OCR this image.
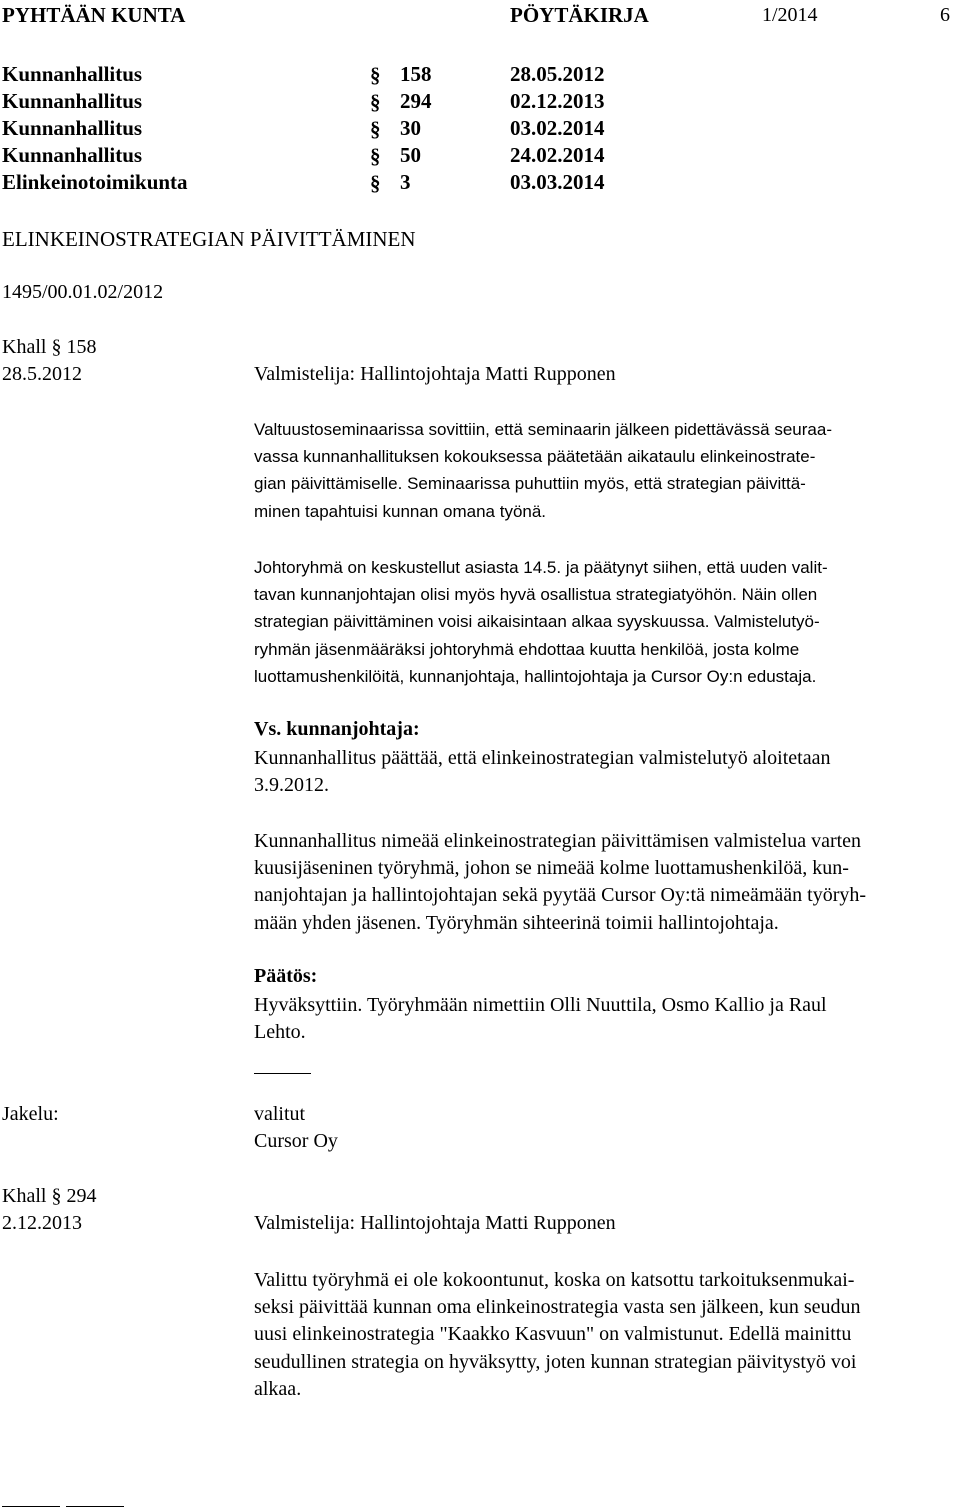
PYHTÄÄN KUNTA	PÖYTÄKIRJA	1/2014	6
Kunnanhallitus	§ 158	28.05.2012
Kunnanhallitus	§ 294	02.12.2013
Kunnanhallitus	§ 30	03.02.2014
Kunnanhallitus	§ 50	24.02.2014
Elinkeinotoimikunta	§ 3	03.03.2014
ELINKEINOSTRATEGIAN PÄIVITTÄMINEN
1495/00.01.02/2012
Khall § 158
28.5.2012	Valmistelija: Hallintojohtaja Matti Rupponen
Valtuustoseminaarissa sovittiin, että seminaarin jälkeen pidettävässä seuraa-
vassa kunnanhallituksen kokouksessa päätetään aikataulu elinkeinostrate-
gian päivittämiselle. Seminaarissa puhuttiin myös, että strategian päivittä-
minen tapahtuisi kunnan omana työnä.
Johtoryhmä on keskustellut asiasta 14.5. ja päätynyt siihen, että uuden valit-
tavan kunnanjohtajan olisi myös hyvä osallistua strategiatyöhön. Näin ollen
strategian päivittäminen voisi aikaisintaan alkaa syyskuussa. Valmistelutyö-
ryhmän jäsenmääräksi johtoryhmä ehdottaa kuutta henkilöä, josta kolme
luottamushenkilöitä, kunnanjohtaja, hallintojohtaja ja Cursor Oy:n edustaja.
Vs. kunnanjohtaja:
Kunnanhallitus päättää, että elinkeinostrategian valmistelutyö aloitetaan
3.9.2012.
Kunnanhallitus nimeää elinkeinostrategian päivittämisen valmistelua varten
kuusijäseninen työryhmä, johon se nimeää kolme luottamushenkilöä, kun-
nanjohtajan ja hallintojohtajan sekä pyytää Cursor Oy:tä nimeämään työryh-
mään yhden jäsenen. Työryhmän sihteerinä toimii hallintojohtaja.
Päätös:
Hyväksyttiin. Työryhmään nimettiin Olli Nuuttila, Osmo Kallio ja Raul
Lehto.
Jakelu:	valitut
Cursor Oy
Khall § 294
2.12.2013	Valmistelija: Hallintojohtaja Matti Rupponen
Valittu työryhmä ei ole kokoontunut, koska on katsottu tarkoituksenmukai-
seksi päivittää kunnan oma elinkeinostrategia vasta sen jälkeen, kun seudun
uusi elinkeinostrategia "Kaakko Kasvuun" on valmistunut. Edellä mainittu
seudullinen strategia on hyväksytty, joten kunnan strategian päivitystyö voi
alkaa.
